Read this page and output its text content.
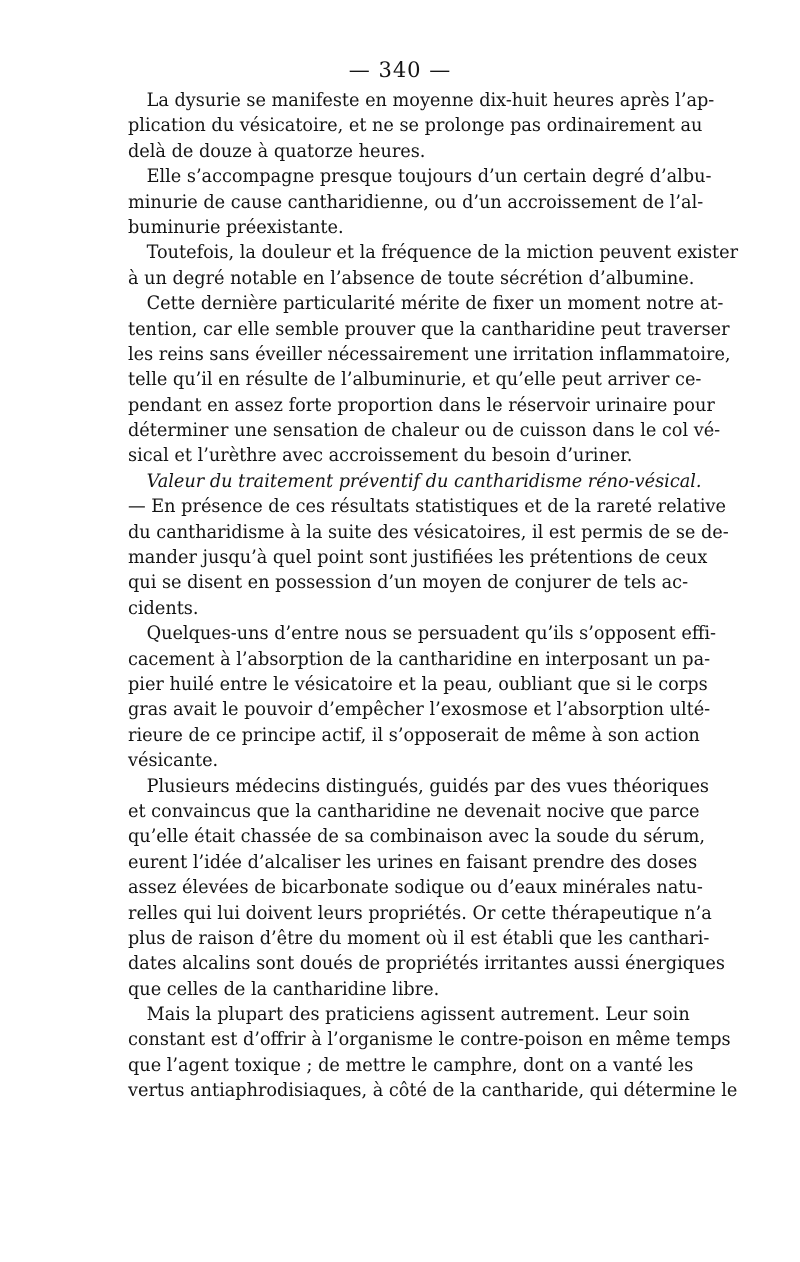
— 340 —
La dysurie se manifeste en moyenne dix-huit heures après l’ap-
plication du vésicatoire, et ne se prolonge pas ordinairement au
delà de douze à quatorze heures.
Elle s’accompagne presque toujours d’un certain degré d’albu-
minurie de cause cantharidienne, ou d’un accroissement de l’al-
buminurie préexistante.
Toutefois, la douleur et la fréquence de la miction peuvent exister
à un degré notable en l’absence de toute sécrétion d’albumine.
Cette dernière particularité mérite de fixer un moment notre at-
tention, car elle semble prouver que la cantharidine peut traverser
les reins sans éveiller nécessairement une irritation inflammatoire,
telle qu’il en résulte de l’albuminurie, et qu’elle peut arriver ce-
pendant en assez forte proportion dans le réservoir urinaire pour
déterminer une sensation de chaleur ou de cuisson dans le col vé-
sical et l’urèthre avec accroissement du besoin d’uriner.
Valeur du traitement préventif du cantharidisme réno-vésical.
— En présence de ces résultats statistiques et de la rareté relative
du cantharidisme à la suite des vésicatoires, il est permis de se de-
mander jusqu’à quel point sont justifiées les prétentions de ceux
qui se disent en possession d’un moyen de conjurer de tels ac-
cidents.
Quelques-uns d’entre nous se persuadent qu’ils s’opposent effi-
cacement à l’absorption de la cantharidine en interposant un pa-
pier huilé entre le vésicatoire et la peau, oubliant que si le corps
gras avait le pouvoir d’empêcher l’exosmose et l’absorption ulté-
rieure de ce principe actif, il s’opposerait de même à son action
vésicante.
Plusieurs médecins distingués, guidés par des vues théoriques
et convaincus que la cantharidine ne devenait nocive que parce
qu’elle était chassée de sa combinaison avec la soude du sérum,
eurent l’idée d’alcaliser les urines en faisant prendre des doses
assez élevées de bicarbonate sodique ou d’eaux minérales natu-
relles qui lui doivent leurs propriétés. Or cette thérapeutique n’a
plus de raison d’être du moment où il est établi que les canthari-
dates alcalins sont doués de propriétés irritantes aussi énergiques
que celles de la cantharidine libre.
Mais la plupart des praticiens agissent autrement. Leur soin
constant est d’offrir à l’organisme le contre-poison en même temps
que l’agent toxique ; de mettre le camphre, dont on a vanté les
vertus antiaphrodisiaques, à côté de la cantharide, qui détermine le
